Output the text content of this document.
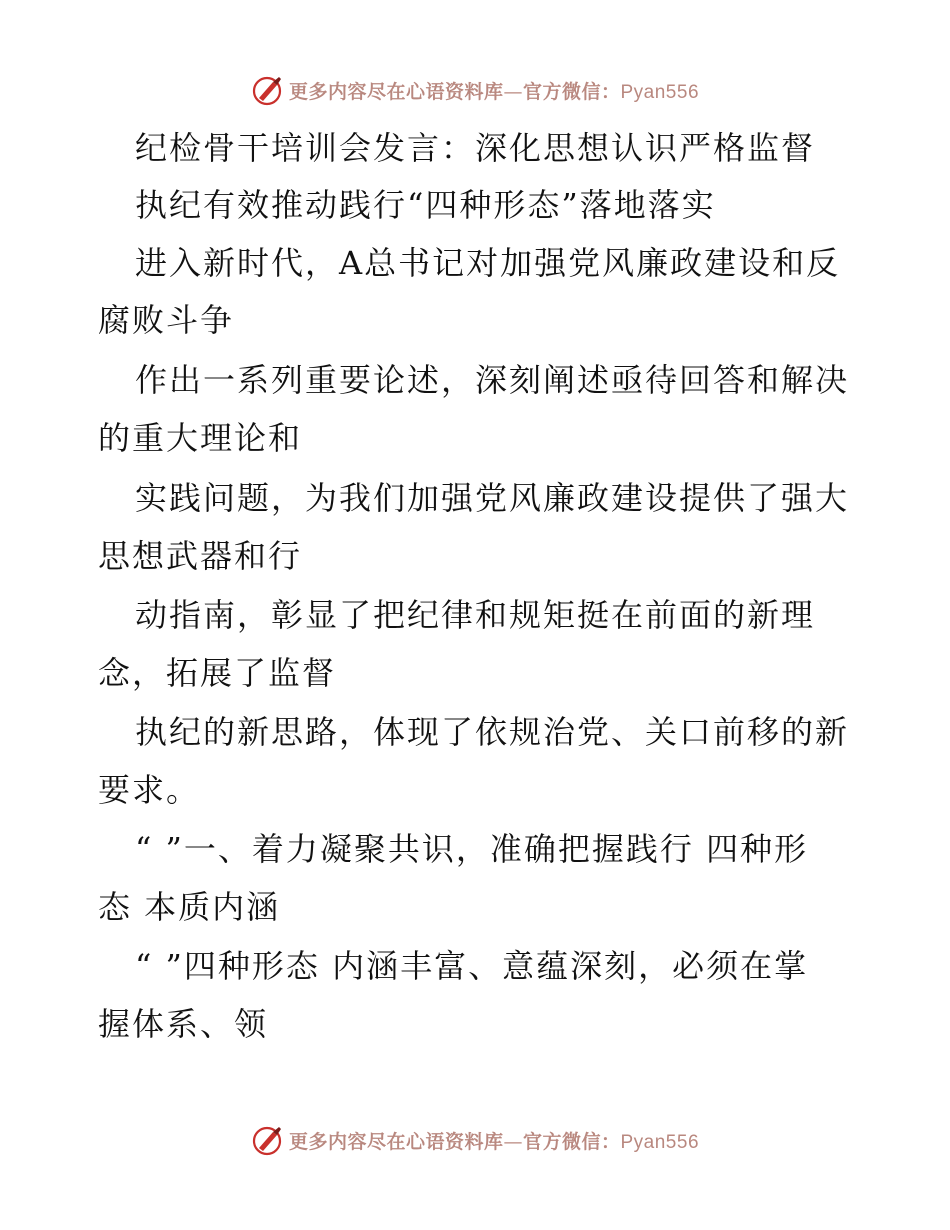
更多内容尽在心语资料库—官方微信：Pyan556
纪检骨干培训会发言：深化思想认识严格监督
执纪有效推动践行“四种形态”落地落实
进入新时代，A总书记对加强党风廉政建设和反
腐败斗争
作出一系列重要论述，深刻阐述亟待回答和解决
的重大理论和
实践问题，为我们加强党风廉政建设提供了强大
思想武器和行
动指南，彰显了把纪律和规矩挺在前面的新理
念，拓展了监督
执纪的新思路，体现了依规治党、关口前移的新
要求。
“ ”一、着力凝聚共识，准确把握践行 四种形
态 本质内涵
“ ”四种形态 内涵丰富、意蕴深刻，必须在掌
握体系、领
更多内容尽在心语资料库—官方微信：Pyan556
